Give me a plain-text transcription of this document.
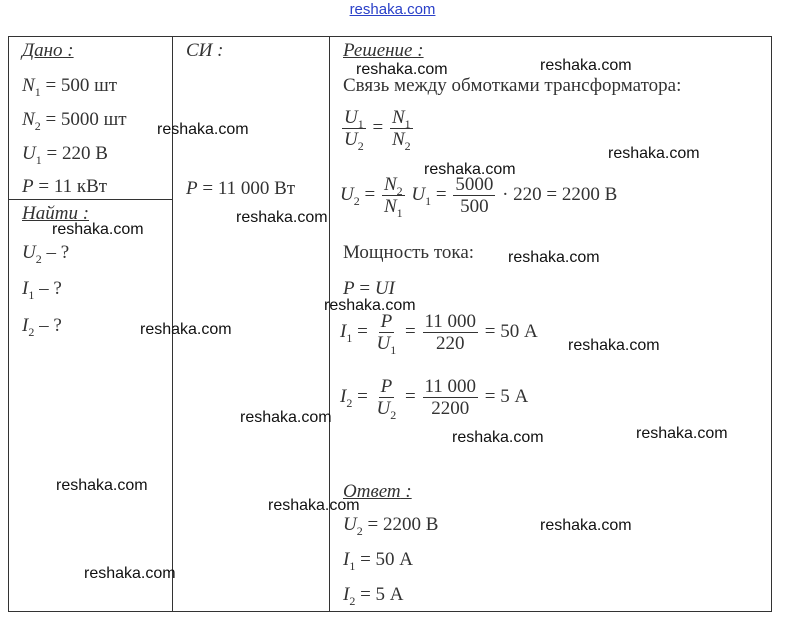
reshaka.com
Дано :
$N_1 = 500$ шт
$N_2 = 5000$ шт
$U_1 = 220$ В
P = 11 кВт
Найти :
$U_2$ – ?
$I_1$ – ?
$I_2$ – ?
СИ :
P = 11 000 Вт
Решение :
Связь между обмотками трансформатора:
$\frac{U_1}{U_2} = \frac{N_1}{N_2}$
$U_2 = \frac{N_2}{N_1} U_1 = \frac{5000}{500} \cdot 220 = 2200$ В
Мощность тока:
P = UI
$I_1 = \frac{P}{U_1} = \frac{11 000}{220} = 50$ А
$I_2 = \frac{P}{U_2} = \frac{11 000}{2200} = 5$ А
Ответ :
$U_2 = 2200$ В
$I_1 = 50$ А
$I_2 = 5$ А
reshaka.com	reshaka.com
reshaka.com
reshaka.com
reshaka.com
reshaka.com
reshaka.com
reshaka.com
reshaka.com
reshaka.com
reshaka.com
reshaka.com
reshaka.com
reshaka.com
reshaka.com
reshaka.com
reshaka.com
reshaka.com
